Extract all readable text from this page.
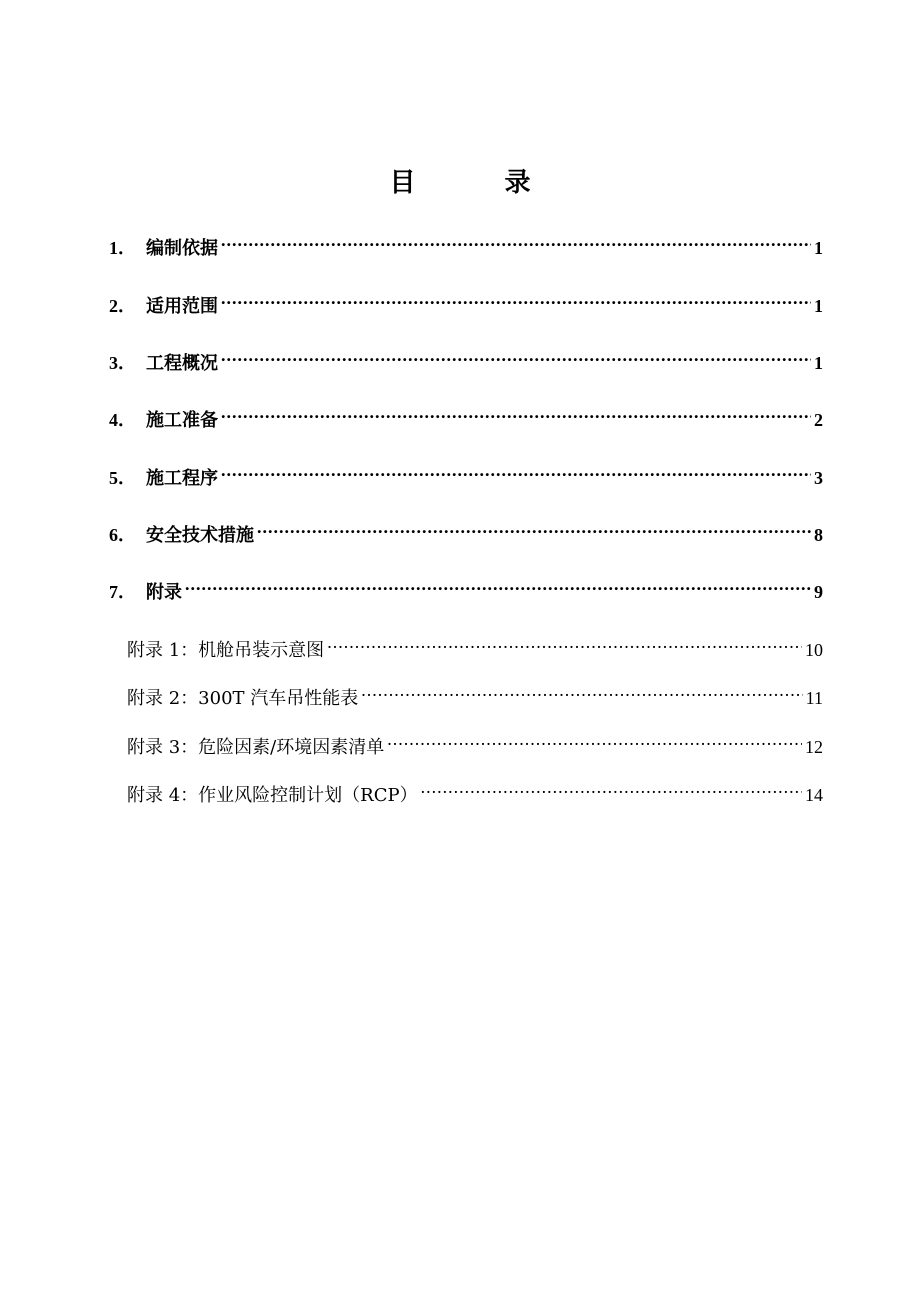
目 录
1． 编制依据 .....	1
2． 适用范围 .....	1
3． 工程概况 .....	1
4． 施工准备 .....	2
5． 施工程序 .....	3
6． 安全技术措施 .....	8
7． 附录 .....	9
附录 1：机舱吊装示意图 .....	10
附录 2：300T 汽车吊性能表 .....	11
附录 3：危险因素/环境因素清单 .....	12
附录 4：作业风险控制计划（RCP） .....	14
